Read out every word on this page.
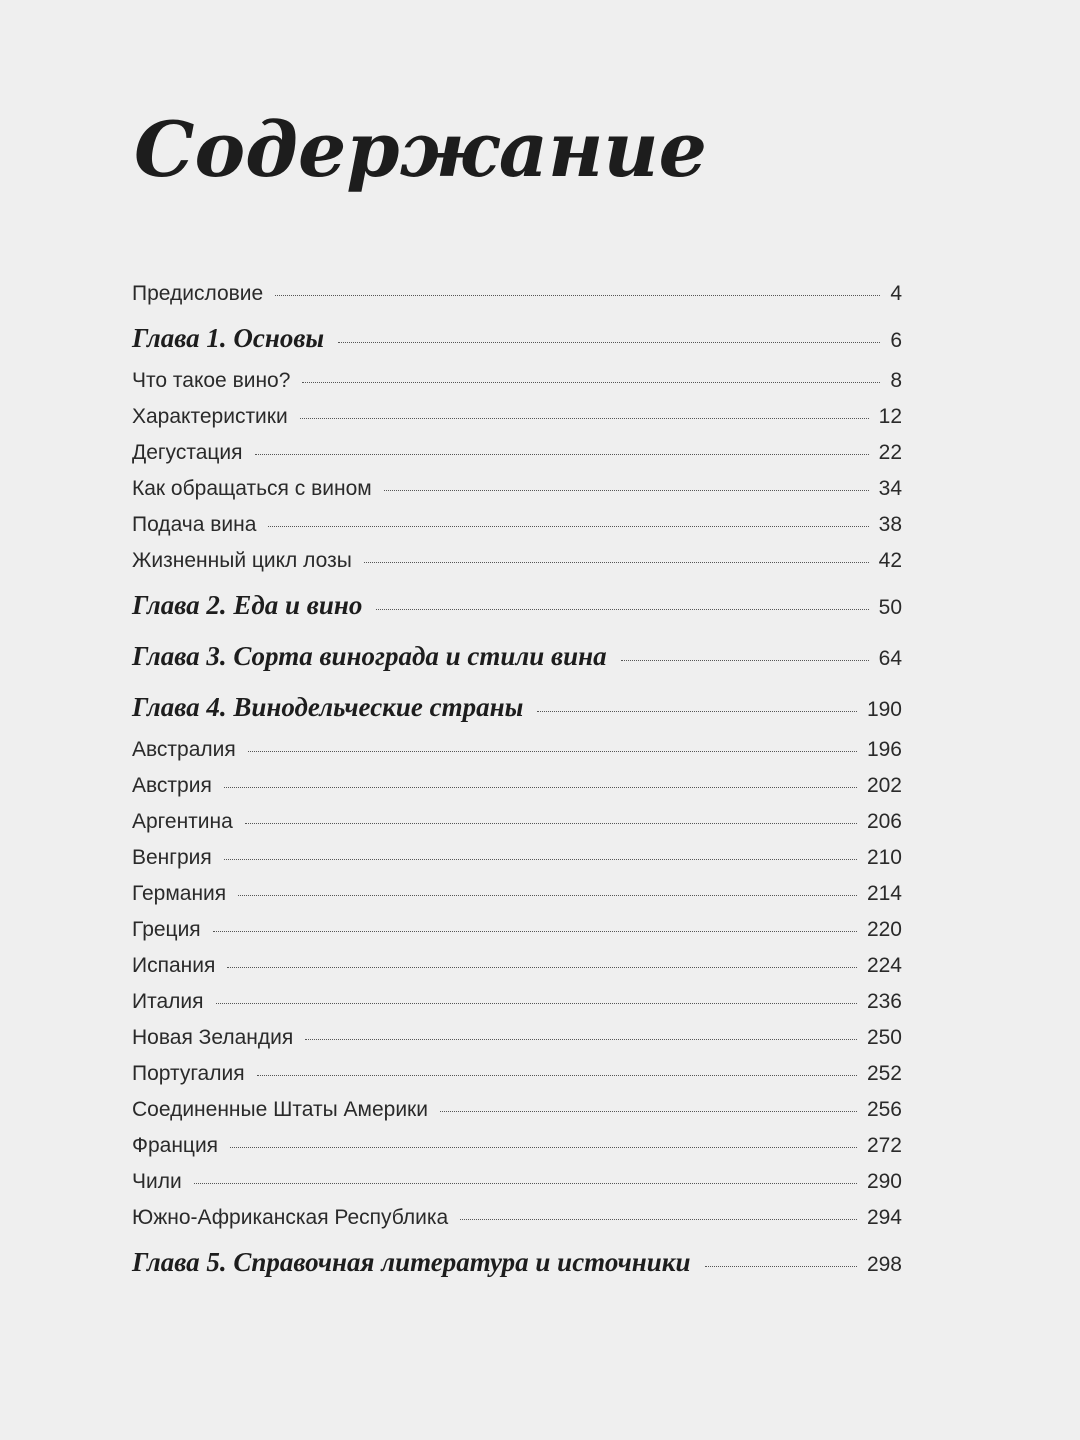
Содержание
Предисловие	4
Глава 1. Основы	6
Что такое вино?	8
Характеристики	12
Дегустация	22
Как обращаться с вином	34
Подача вина	38
Жизненный цикл лозы	42
Глава 2. Еда и вино	50
Глава 3. Сорта винограда и стили вина	64
Глава 4. Винодельческие страны	190
Австралия	196
Австрия	202
Аргентина	206
Венгрия	210
Германия	214
Греция	220
Испания	224
Италия	236
Новая Зеландия	250
Португалия	252
Соединенные Штаты Америки	256
Франция	272
Чили	290
Южно-Африканская Республика	294
Глава 5. Справочная литература и источники	298
